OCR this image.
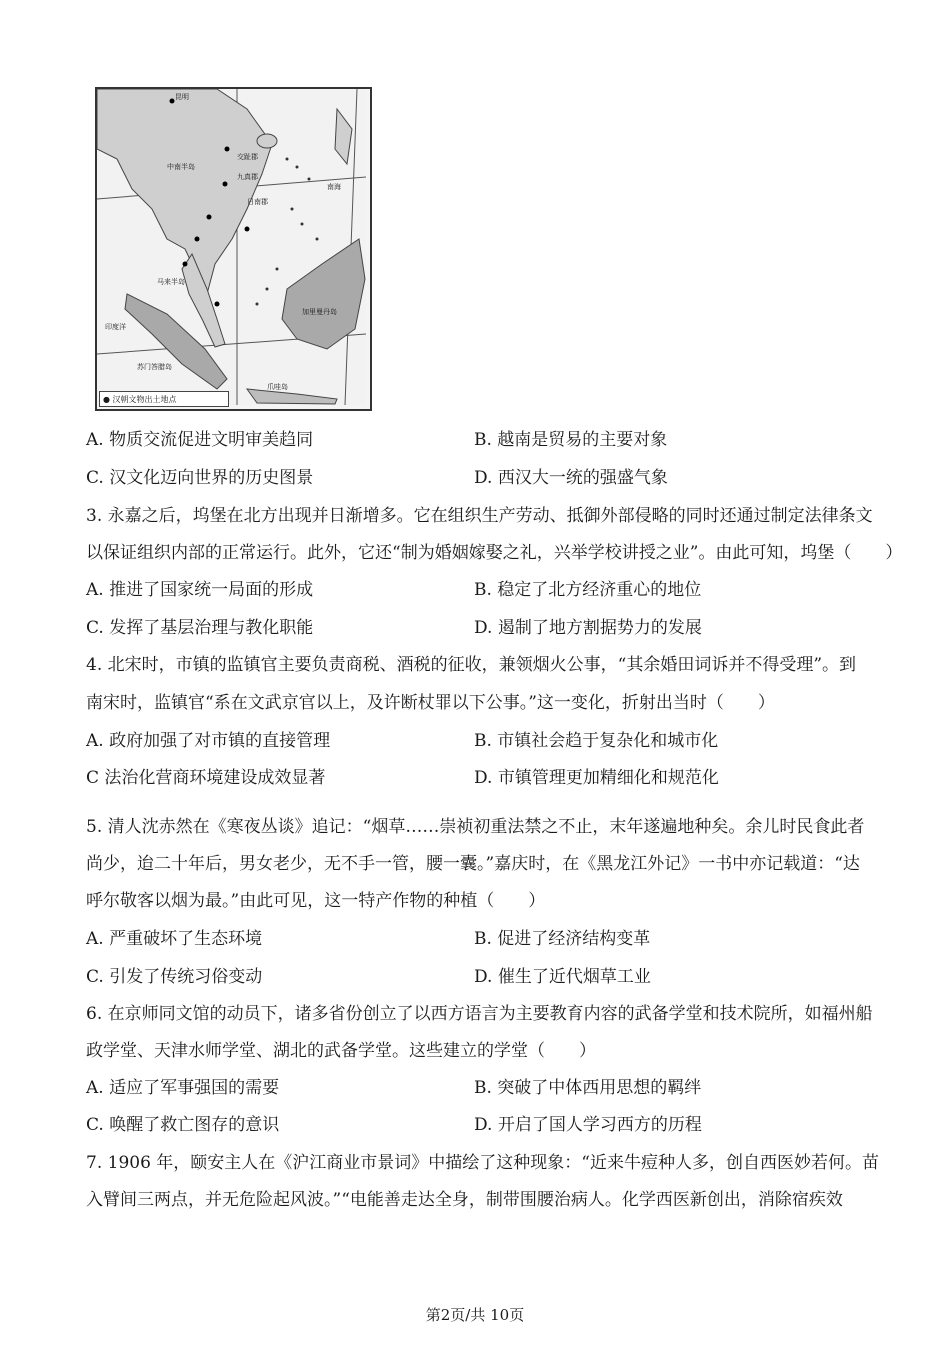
昆明
南海
中南半岛
马来半岛
苏门答腊岛
加里曼丹岛
爪哇岛
交趾郡
日南郡
九真郡
印度洋
● 汉朝文物出土地点
A. 物质交流促进文明审美趋同	B. 越南是贸易的主要对象
C. 汉文化迈向世界的历史图景	D. 西汉大一统的强盛气象
3. 永嘉之后，坞堡在北方出现并日渐增多。它在组织生产劳动、抵御外部侵略的同时还通过制定法律条文
以保证组织内部的正常运行。此外，它还“制为婚姻嫁娶之礼，兴举学校讲授之业”。由此可知，坞堡（　　）
A. 推进了国家统一局面的形成	B. 稳定了北方经济重心的地位
C. 发挥了基层治理与教化职能	D. 遏制了地方割据势力的发展
4. 北宋时，市镇的监镇官主要负责商税、酒税的征收，兼领烟火公事，“其余婚田词诉并不得受理”。到
南宋时，监镇官“系在文武京官以上，及许断杖罪以下公事。”这一变化，折射出当时（　　）
A. 政府加强了对市镇的直接管理	B. 市镇社会趋于复杂化和城市化
C 法治化营商环境建设成效显著	D. 市镇管理更加精细化和规范化
5. 清人沈赤然在《寒夜丛谈》追记：“烟草……崇祯初重法禁之不止，末年遂遍地种矣。余儿时民食此者
尚少，迨二十年后，男女老少，无不手一管，腰一囊。”嘉庆时，在《黑龙江外记》一书中亦记载道：“达
呼尔敬客以烟为最。”由此可见，这一特产作物的种植（　　）
A. 严重破坏了生态环境	B. 促进了经济结构变革
C. 引发了传统习俗变动	D. 催生了近代烟草工业
6. 在京师同文馆的动员下，诸多省份创立了以西方语言为主要教育内容的武备学堂和技术院所，如福州船
政学堂、天津水师学堂、湖北的武备学堂。这些建立的学堂（　　）
A. 适应了军事强国的需要	B. 突破了中体西用思想的羁绊
C. 唤醒了救亡图存的意识	D. 开启了国人学习西方的历程
7. 1906 年，颐安主人在《沪江商业市景词》中描绘了这种现象：“近来牛痘种人多，创自西医妙若何。苗
入臂间三两点，并无危险起风波。”“电能善走达全身，制带围腰治病人。化学西医新创出，消除宿疾效
第2页/共 10页
